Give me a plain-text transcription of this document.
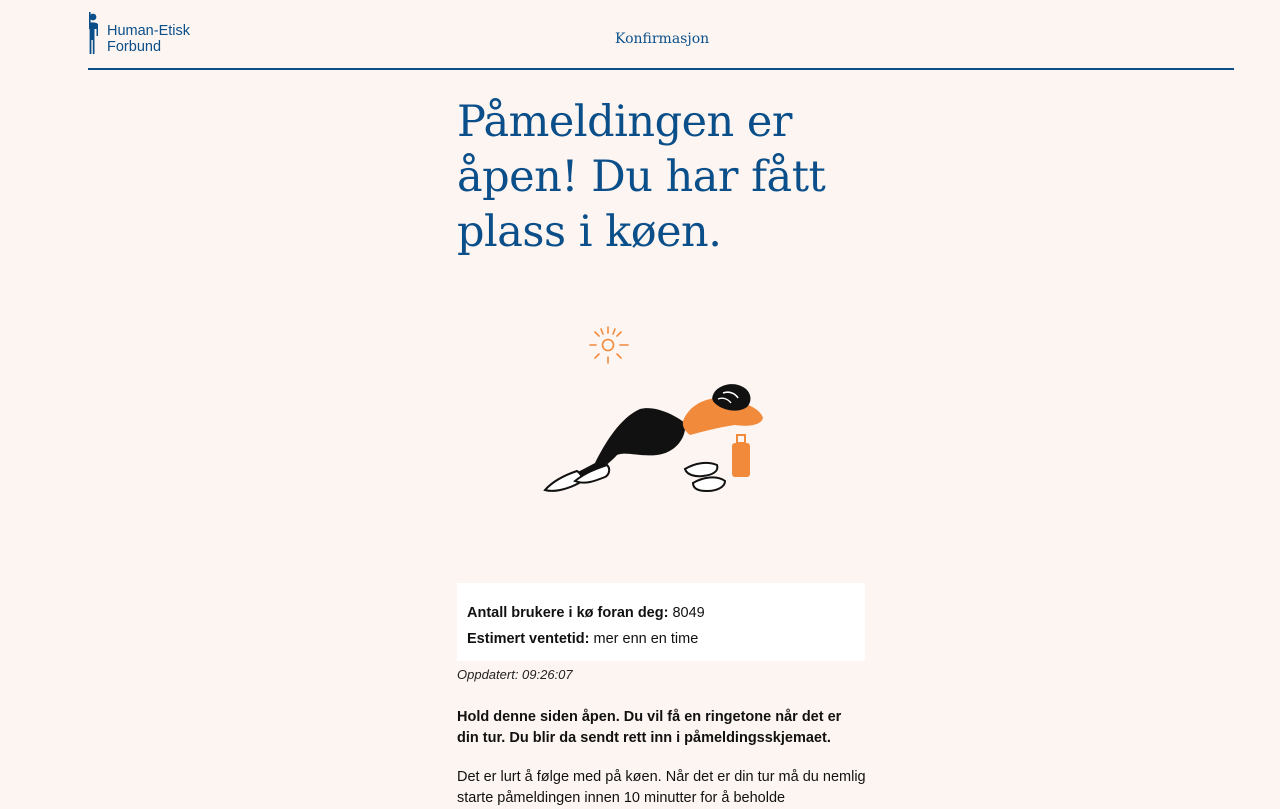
Human-Etisk
Forbund	Konfirmasjon
Påmeldingen er åpen! Du har fått plass i køen.
Antall brukere i kø foran deg: 8049
Estimert ventetid: mer enn en time
Oppdatert: 09:26:07

Hold denne siden åpen. Du vil få en ringetone når det er din tur. Du blir da sendt rett inn i påmeldingsskjemaet.

Det er lurt å følge med på køen. Når det er din tur må du nemlig starte påmeldingen innen 10 minutter for å beholde
